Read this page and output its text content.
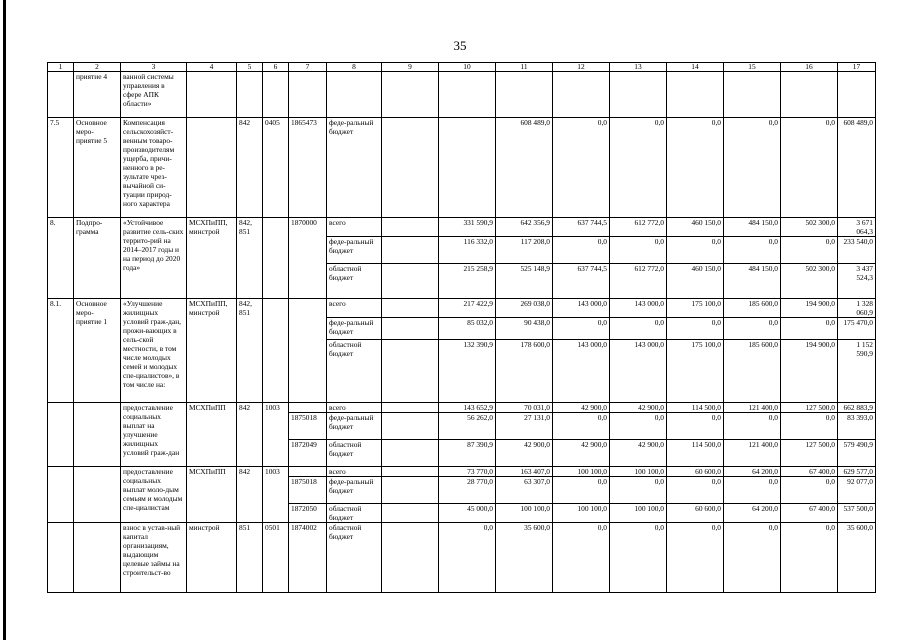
35
1	2	3	4	5	6	7	8	9	10	11	12	13	14	15	16	17
	приятие 4	ванной системы управления в сфере АПК области»														
7.5	Основное меро-приятие 5	Компенсация сельскохозяйст-венным товаро-производителям ущерба, причи-ненного в ре-зультате чрез-вычайной си-туации природ-ного характера		842	0405	1865473	феде-ральный бюджет			608 489,0	0,0	0,0	0,0	0,0	0,0	608 489,0
8.	Подпро-грамма	«Устойчивое развитие сель-ских террито-рий на 2014–2017 годы и на период до 2020 года»	МСХПиПП, минстрой	842, 851		1870000	всего		331 590,9	642 356,9	637 744,5	612 772,0	460 150,0	484 150,0	502 300,0	3 671 064,3
							феде-ральный бюджет		116 332,0	117 208,0	0,0	0,0	0,0	0,0	0,0	233 540,0
							областной бюджет		215 258,9	525 148,9	637 744,5	612 772,0	460 150,0	484 150,0	502 300,0	3 437 524,3
8.1.	Основное меро-приятие 1	«Улучшение жилищных условий граж-дан, прожи-вающих в сель-ской местности, в том числе молодых семей и молодых спе-циалистов», в том числе на:	МСХПиПП, минстрой	842, 851			всего		217 422,9	269 038,0	143 000,0	143 000,0	175 100,0	185 600,0	194 900,0	1 328 060,9
							феде-ральный бюджет		85 032,0	90 438,0	0,0	0,0	0,0	0,0	0,0	175 470,0
							областной бюджет		132 390,9	178 600,0	143 000,0	143 000,0	175 100,0	185 600,0	194 900,0	1 152 590,9
		предоставление социальных выплат на улучшение жилищных условий граж-дан	МСХПиПП	842	1003		всего		143 652,9	70 031,0	42 900,0	42 900,0	114 500,0	121 400,0	127 500,0	662 883,9
						1875018	феде-ральный бюджет		56 262,0	27 131,0	0,0	0,0	0,0	0,0	0,0	83 393,0
						1872049	областной бюджет		87 390,9	42 900,0	42 900,0	42 900,0	114 500,0	121 400,0	127 500,0	579 490,9
		предоставление социальных выплат моло-дым семьям и молодым спе-циалистам	МСХПиПП	842	1003		всего		73 770,0	163 407,0	100 100,0	100 100,0	60 600,0	64 200,0	67 400,0	629 577,0
						1875018	феде-ральный бюджет		28 770,0	63 307,0	0,0	0,0	0,0	0,0	0,0	92 077,0
						1872050	областной бюджет		45 000,0	100 100,0	100 100,0	100 100,0	60 600,0	64 200,0	67 400,0	537 500,0
		взнос в устав-ный капитал организациям, выдающим целевые займы на строительст-во	минстрой	851	0501	1874002	областной бюджет		0,0	35 600,0	0,0	0,0	0,0	0,0	0,0	35 600,0
